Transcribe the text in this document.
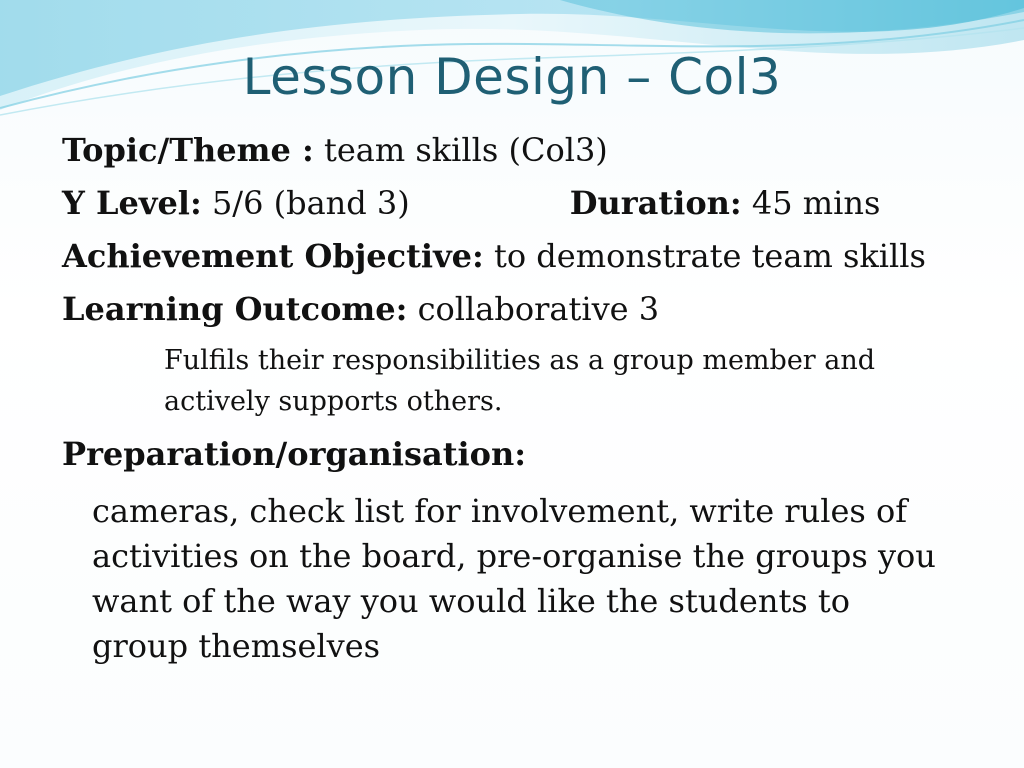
Lesson Design – Col3
Topic/Theme : team skills (Col3)
Y Level: 5/6 (band 3)	Duration: 45 mins
Achievement Objective: to demonstrate team skills
Learning Outcome: collaborative 3
Fulfils their responsibilities as a group member and actively supports others.
Preparation/organisation:
cameras, check list for involvement, write rules of activities on the board, pre-organise the groups you want of the way you would like the students to group themselves
